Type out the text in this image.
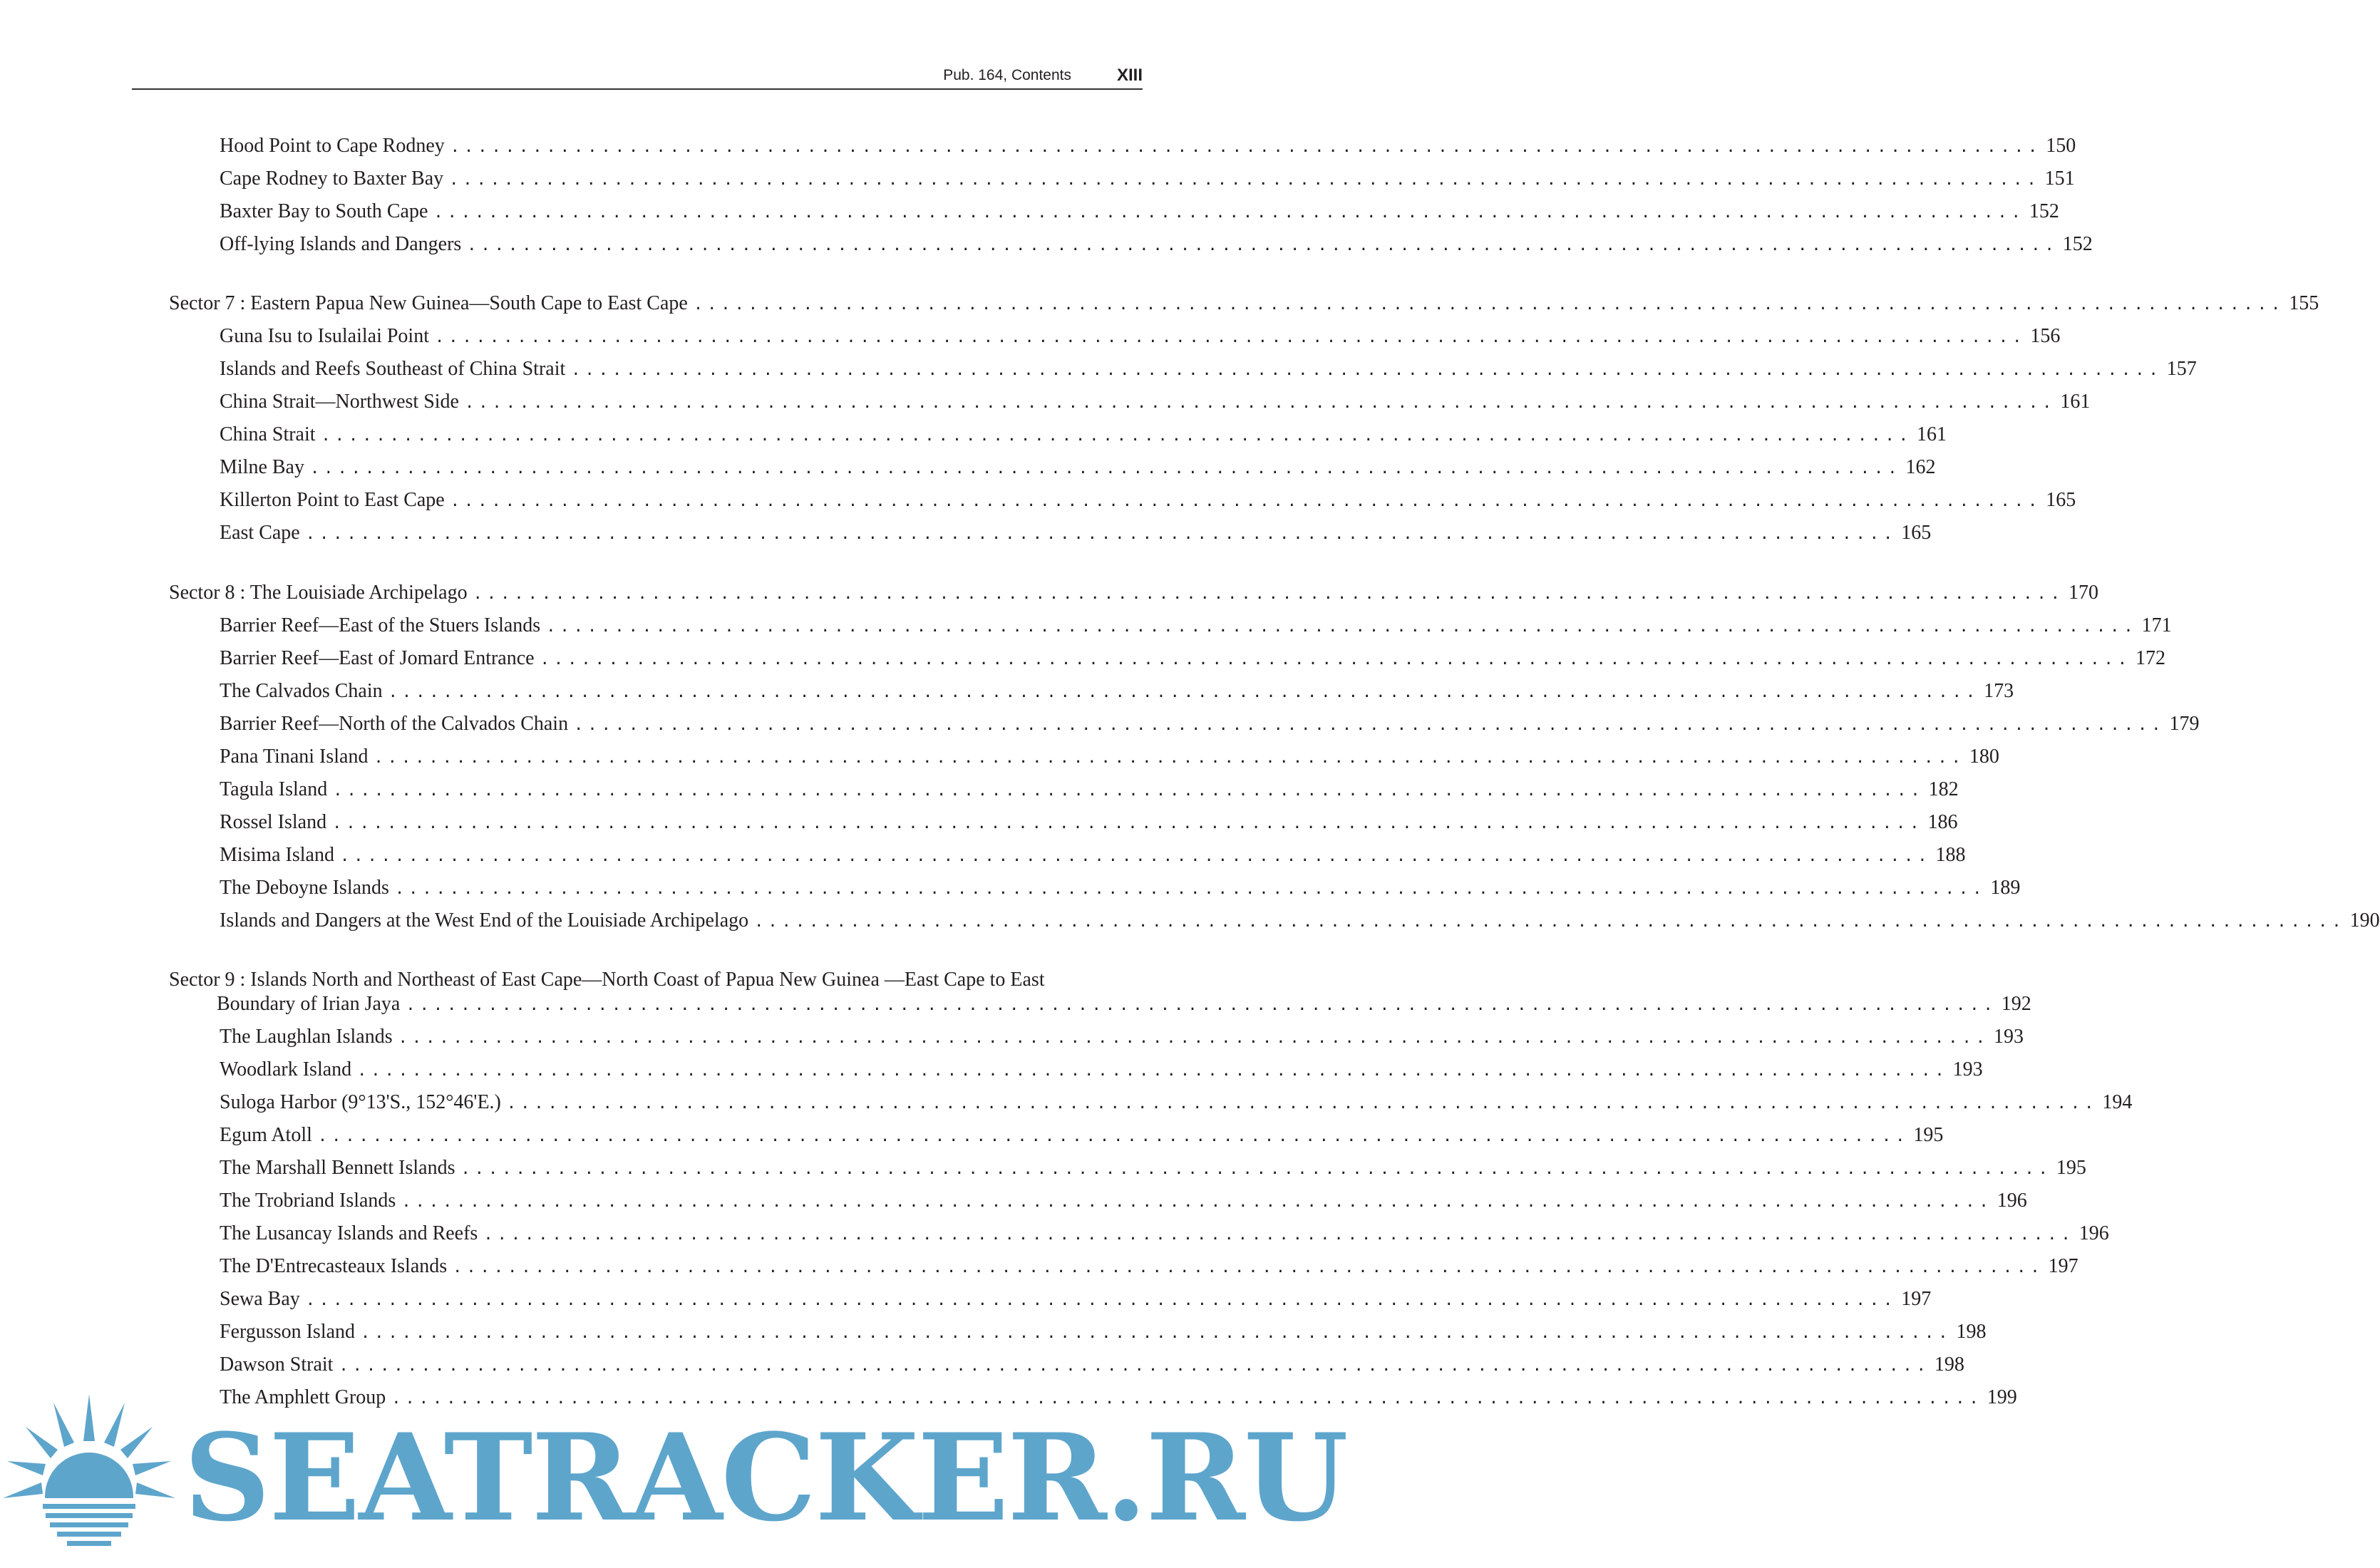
Pub. 164, Contents	XIII
Hood Point to Cape Rodney .................................................................................................................... 150
Cape Rodney to Baxter Bay .................................................................................................................... 151
Baxter Bay to South Cape .................................................................................................................... 152
Off-lying Islands and Dangers .................................................................................................................... 152
Sector 7 : Eastern Papua New Guinea—South Cape to East Cape .................................................................................................................... 155
Guna Isu to Isulailai Point .................................................................................................................... 156
Islands and Reefs Southeast of China Strait .................................................................................................................... 157
China Strait—Northwest Side .................................................................................................................... 161
China Strait .................................................................................................................... 161
Milne Bay .................................................................................................................... 162
Killerton Point to East Cape .................................................................................................................... 165
East Cape .................................................................................................................... 165
Sector 8 : The Louisiade Archipelago .................................................................................................................... 170
Barrier Reef—East of the Stuers Islands .................................................................................................................... 171
Barrier Reef—East of Jomard Entrance .................................................................................................................... 172
The Calvados Chain .................................................................................................................... 173
Barrier Reef—North of the Calvados Chain .................................................................................................................... 179
Pana Tinani Island .................................................................................................................... 180
Tagula Island .................................................................................................................... 182
Rossel Island .................................................................................................................... 186
Misima Island .................................................................................................................... 188
The Deboyne Islands .................................................................................................................... 189
Islands and Dangers at the West End of the Louisiade Archipelago .................................................................................................................... 190
Sector 9 : Islands North and Northeast of East Cape—North Coast of Papua New Guinea —East Cape to East
Boundary of Irian Jaya .................................................................................................................... 192
The Laughlan Islands .................................................................................................................... 193
Woodlark Island .................................................................................................................... 193
Suloga Harbor (9°13'S., 152°46'E.) .................................................................................................................... 194
Egum Atoll .................................................................................................................... 195
The Marshall Bennett Islands .................................................................................................................... 195
The Trobriand Islands .................................................................................................................... 196
The Lusancay Islands and Reefs .................................................................................................................... 196
The D'Entrecasteaux Islands .................................................................................................................... 197
Sewa Bay .................................................................................................................... 197
Fergusson Island .................................................................................................................... 198
Dawson Strait .................................................................................................................... 198
The Amphlett Group .................................................................................................................... 199
SEATRACKER.RU
